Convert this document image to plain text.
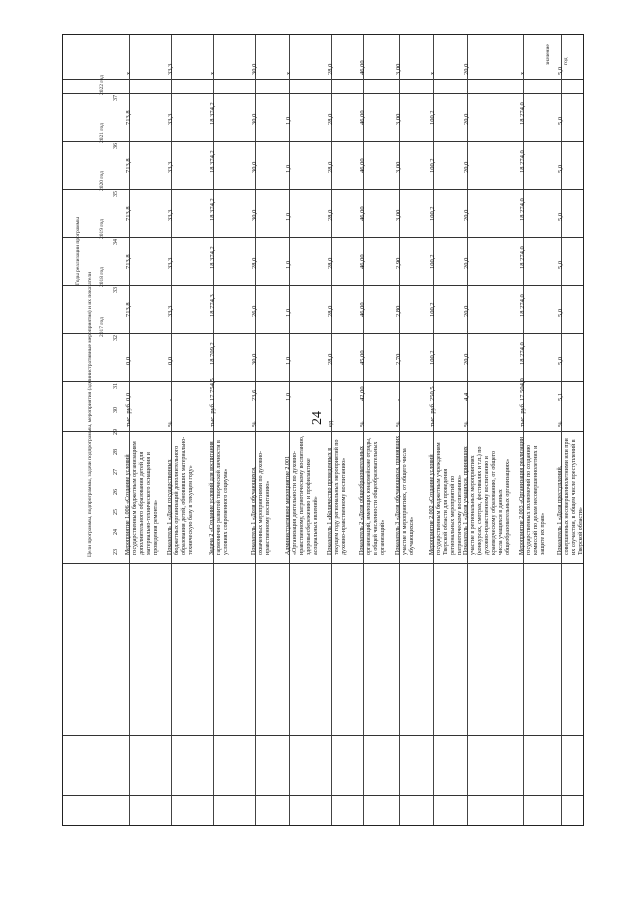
24
значение год
Цели программы, подпрограммы, задачи подпрограммы, мероприятия (административные мероприятия) и их показатели
Годы реализации программы
2017 год
2018 год
2019 год
2020 год
2021 год
2022 год
Мероприятие 1.006 «Создание условий государственным бюджетным организациям дополнительного образования детей для материально-технического оснащения и проведения ремонта»
тыс. руб.
0,0
0,0
713,8
713,8
713,8
713,8
713,8
x
Показатель 1 «Доля государственных бюджетных организаций дополнительного образования детей, обновивших материально-техническую базу в текущем году»
%
-
0,0
33,3
33,3
33,3
33,3
33,3
33,3
Задача 2 «Создание условий для воспитания гармонично развитой творческой личности в условиях современного социума»
тыс. руб.
17 754,5
18 709,2
18 774,3
18 374,2
18 374,2
18 374,2
18 374,2
x
Показатель 1 «Доля обучающихся, охваченных мероприятиями по духовно-нравственному воспитанию»
%
23,6
30,0
26,0
28,0
30,0
30,0
30,0
30,0
Административное мероприятие 2.001 «Организация деятельности по духовно-нравственному, патриотическому воспитанию, здоровьесбережению и профилактике асоциальных явлений»
1,0
1,0
1,0
1,0
1,0
1,0
1,0
x
Показатель 1 «Количество проведенных в текущем году региональных мероприятий по духовно-нравственному воспитанию»
ед.
-
28,0
28,0
28,0
28,0
28,0
28,0
28,0
Показатель 2 «Доля общеобразовательных организаций, имеющих юнармейские отряды, в общей численности общеобразовательных организаций»
%
42,00
45,00
46,00
46,00
46,00
46,00
46,00
46,00
Показатель 3 «Доля обучающихся, принявших участие в мероприятиях, от общего числа обучающихся»
%
-
2,70
2,80
2,90
3,00
3,00
3,00
3,00
Мероприятие 2.002 «Создание условий государственным бюджетным учреждениям Тверской области для проведения региональных мероприятий по патриотическому воспитанию»
тыс. руб.
250,5
100,2
100,2
100,2
100,2
100,2
100,2
x
Показатель 1 «Доля учащихся, принявших участие в региональных мероприятиях (конкурсах, смотрах, фестивалях и т.п.) по духовно-нравственному воспитанию и краеведческому образованию, от общего числа учащихся в данных общеобразовательных организациях»
%
4,4
20,0
20,0
20,0
20,0
20,0
20,0
20,0
Мероприятие 2.003 «Организация реализации государственных полномочий по созданию комиссий по делам несовершеннолетних и защите их прав»
тыс. руб.
17 504,0
18 274,0
18 274,0
18 274,0
18 274,0
18 274,0
18 274,0
x
Показатель 1 «Доля преступлений, совершенных несовершеннолетними или при их соучастии, в общем числе преступлений в Тверской области»
%
5,1
5,0
5,0
5,0
5,0
5,0
5,0
5,0
23
24
25
26
27
28
29
30
31
32
33
34
35
36
37
